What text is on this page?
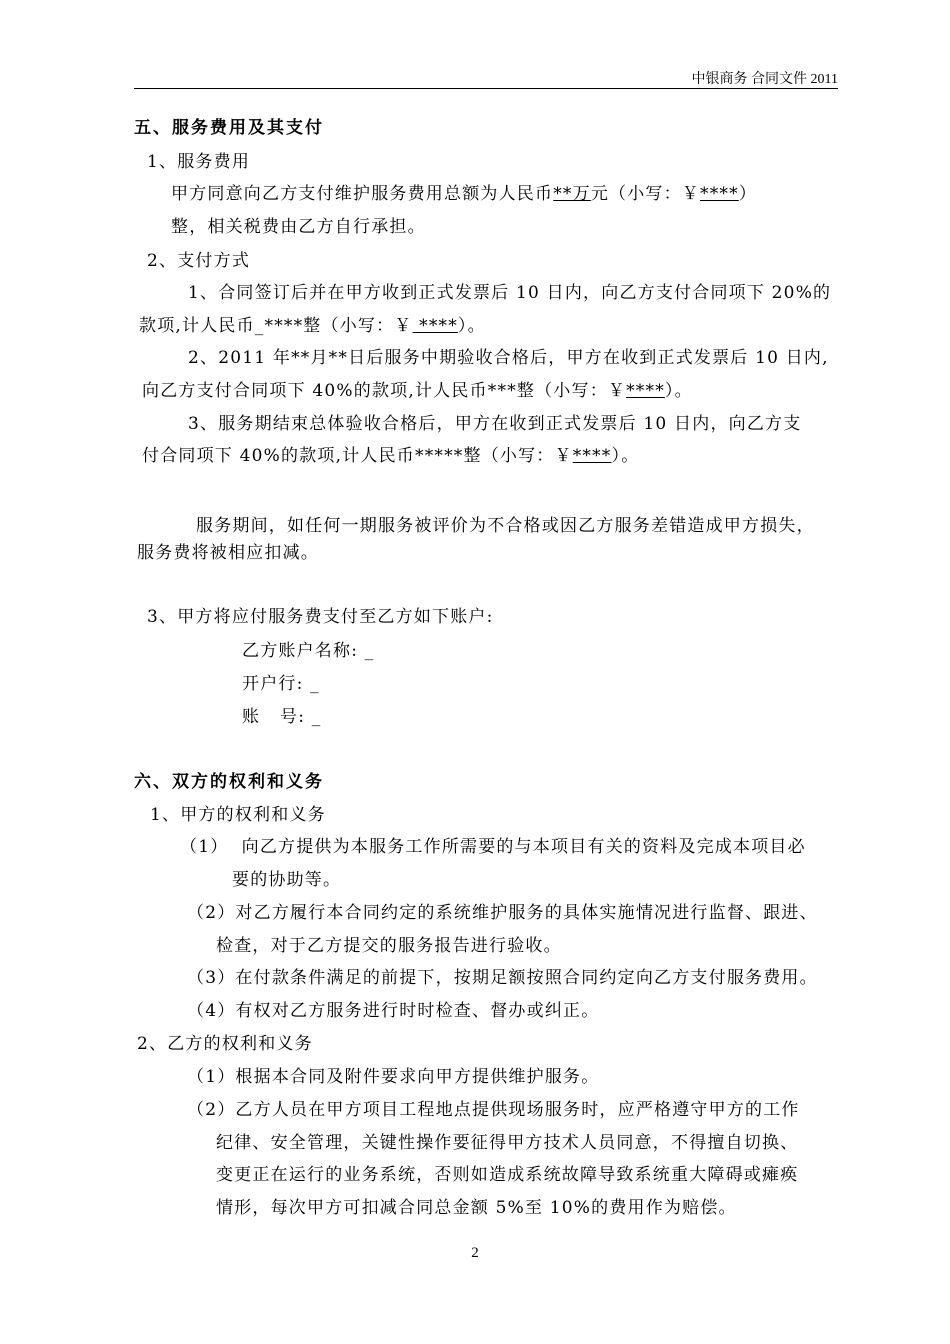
中银商务 合同文件 2011
五、服务费用及其支付
1、服务费用
甲方同意向乙方支付维护服务费用总额为人民币**万元（小写：￥****）
整，相关税费由乙方自行承担。
2、支付方式
1、合同签订后并在甲方收到正式发票后 10 日内，向乙方支付合同项下 20%的
款项,计人民币_****整（小写：￥ ****）。
2、2011 年**月**日后服务中期验收合格后，甲方在收到正式发票后 10 日内,
向乙方支付合同项下 40%的款项,计人民币***整（小写：￥****）。
3、服务期结束总体验收合格后，甲方在收到正式发票后 10 日内，向乙方支
付合同项下 40%的款项,计人民币*****整（小写：￥****）。
服务期间，如任何一期服务被评价为不合格或因乙方服务差错造成甲方损失，
服务费将被相应扣减。
3、甲方将应付服务费支付至乙方如下账户:
乙方账户名称: _
开户行: _
账   号: _
六、双方的权利和义务
1、甲方的权利和义务
（1）  向乙方提供为本服务工作所需要的与本项目有关的资料及完成本项目必
要的协助等。
（2）对乙方履行本合同约定的系统维护服务的具体实施情况进行监督、跟进、
检查，对于乙方提交的服务报告进行验收。
（3）在付款条件满足的前提下，按期足额按照合同约定向乙方支付服务费用。
（4）有权对乙方服务进行时时检查、督办或纠正。
2、乙方的权利和义务
（1）根据本合同及附件要求向甲方提供维护服务。
（2）乙方人员在甲方项目工程地点提供现场服务时，应严格遵守甲方的工作
纪律、安全管理，关键性操作要征得甲方技术人员同意，不得擅自切换、
变更正在运行的业务系统，否则如造成系统故障导致系统重大障碍或瘫痪
情形，每次甲方可扣减合同总金额 5%至 10%的费用作为赔偿。
2
